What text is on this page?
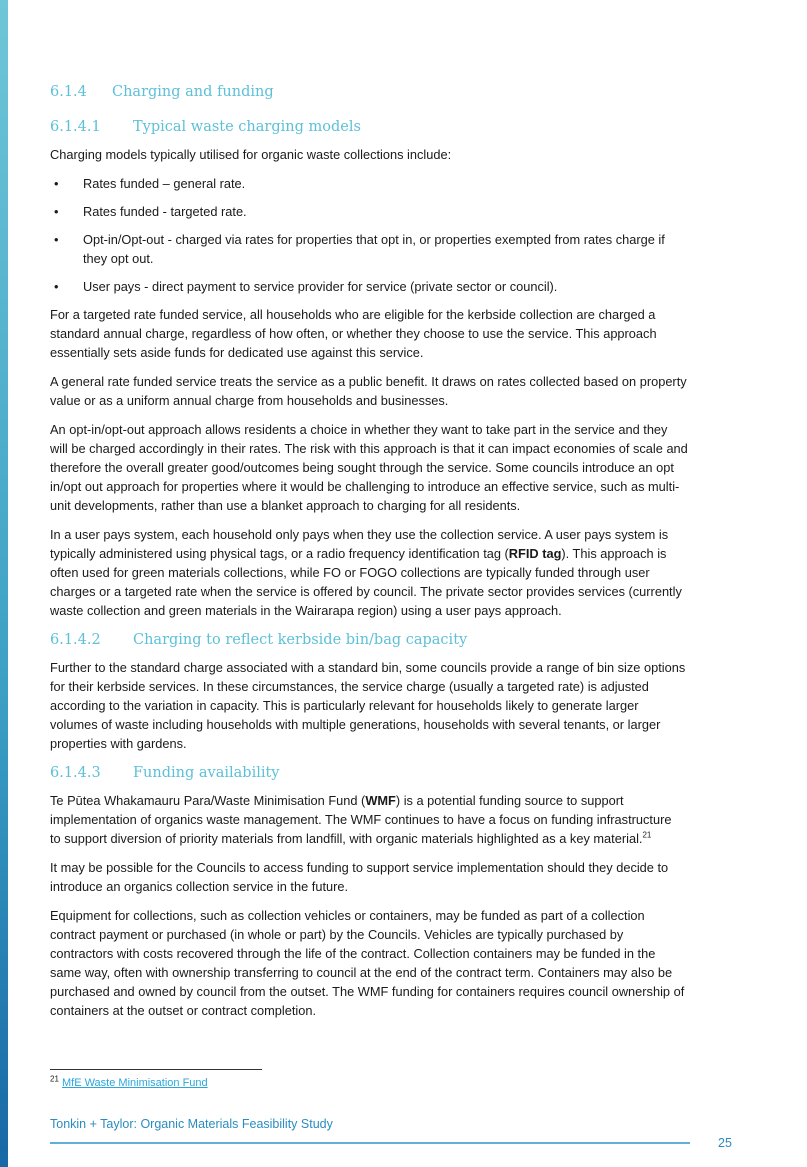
6.1.4 Charging and funding
6.1.4.1 Typical waste charging models
Charging models typically utilised for organic waste collections include:
• Rates funded – general rate.
• Rates funded - targeted rate.
• Opt-in/Opt-out - charged via rates for properties that opt in, or properties exempted from rates charge if
they opt out.
• User pays - direct payment to service provider for service (private sector or council).
For a targeted rate funded service, all households who are eligible for the kerbside collection are charged a
standard annual charge, regardless of how often, or whether they choose to use the service. This approach
essentially sets aside funds for dedicated use against this service.
A general rate funded service treats the service as a public benefit. It draws on rates collected based on property
value or as a uniform annual charge from households and businesses.
An opt-in/opt-out approach allows residents a choice in whether they want to take part in the service and they
will be charged accordingly in their rates. The risk with this approach is that it can impact economies of scale and
therefore the overall greater good/outcomes being sought through the service. Some councils introduce an opt
in/opt out approach for properties where it would be challenging to introduce an effective service, such as multi-
unit developments, rather than use a blanket approach to charging for all residents.
In a user pays system, each household only pays when they use the collection service. A user pays system is
typically administered using physical tags, or a radio frequency identification tag (RFID tag). This approach is
often used for green materials collections, while FO or FOGO collections are typically funded through user
charges or a targeted rate when the service is offered by council. The private sector provides services (currently
waste collection and green materials in the Wairarapa region) using a user pays approach.
6.1.4.2 Charging to reflect kerbside bin/bag capacity
Further to the standard charge associated with a standard bin, some councils provide a range of bin size options
for their kerbside services. In these circumstances, the service charge (usually a targeted rate) is adjusted
according to the variation in capacity. This is particularly relevant for households likely to generate larger
volumes of waste including households with multiple generations, households with several tenants, or larger
properties with gardens.
6.1.4.3 Funding availability
Te Pūtea Whakamauru Para/Waste Minimisation Fund (WMF) is a potential funding source to support
implementation of organics waste management. The WMF continues to have a focus on funding infrastructure
to support diversion of priority materials from landfill, with organic materials highlighted as a key material.$^{21}$
It may be possible for the Councils to access funding to support service implementation should they decide to
introduce an organics collection service in the future.
Equipment for collections, such as collection vehicles or containers, may be funded as part of a collection
contract payment or purchased (in whole or part) by the Councils. Vehicles are typically purchased by
contractors with costs recovered through the life of the contract. Collection containers may be funded in the
same way, often with ownership transferring to council at the end of the contract term. Containers may also be
purchased and owned by council from the outset. The WMF funding for containers requires council ownership of
containers at the outset or contract completion.
$^{21}$ MfE Waste Minimisation Fund
Tonkin + Taylor: Organic Materials Feasibility Study
25
